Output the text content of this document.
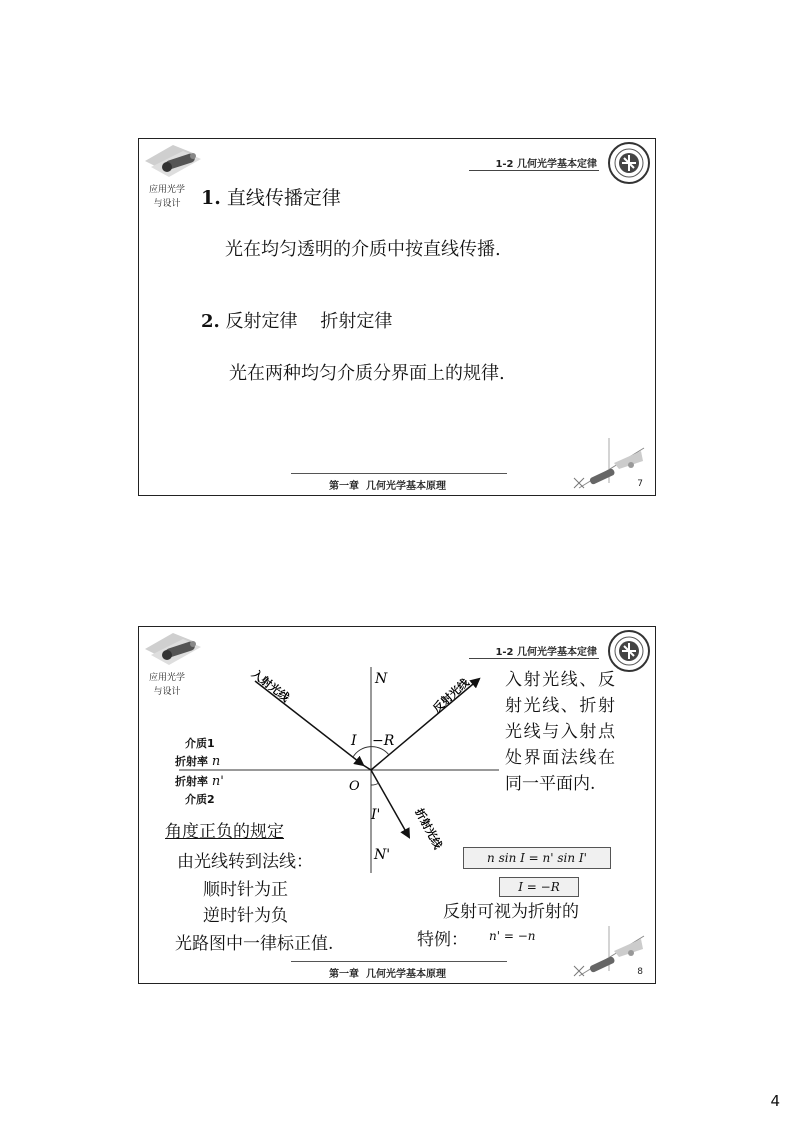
应用光学
与设计
1-2 几何光学基本定律
1. 直线传播定律
光在均匀透明的介质中按直线传播.
2. 反射定律    折射定律
光在两种均匀介质分界面上的规律.
第一章  几何光学基本原理	7
应用光学
与设计
1-2 几何光学基本定律
入射光线	反射光线
折射光线
N
N'
O
I −R
I'
介质1
折射率 n
折射率 n'
介质2
入射光线、反射光线、折射光线与入射点处界面法线在同一平面内.
角度正负的规定
由光线转到法线：
顺时针为正
逆时针为负
光路图中一律标正值.
n sin I = n' sin I'
I = −R
反射可视为折射的
特例： n' = −n
第一章  几何光学基本原理	8
4
